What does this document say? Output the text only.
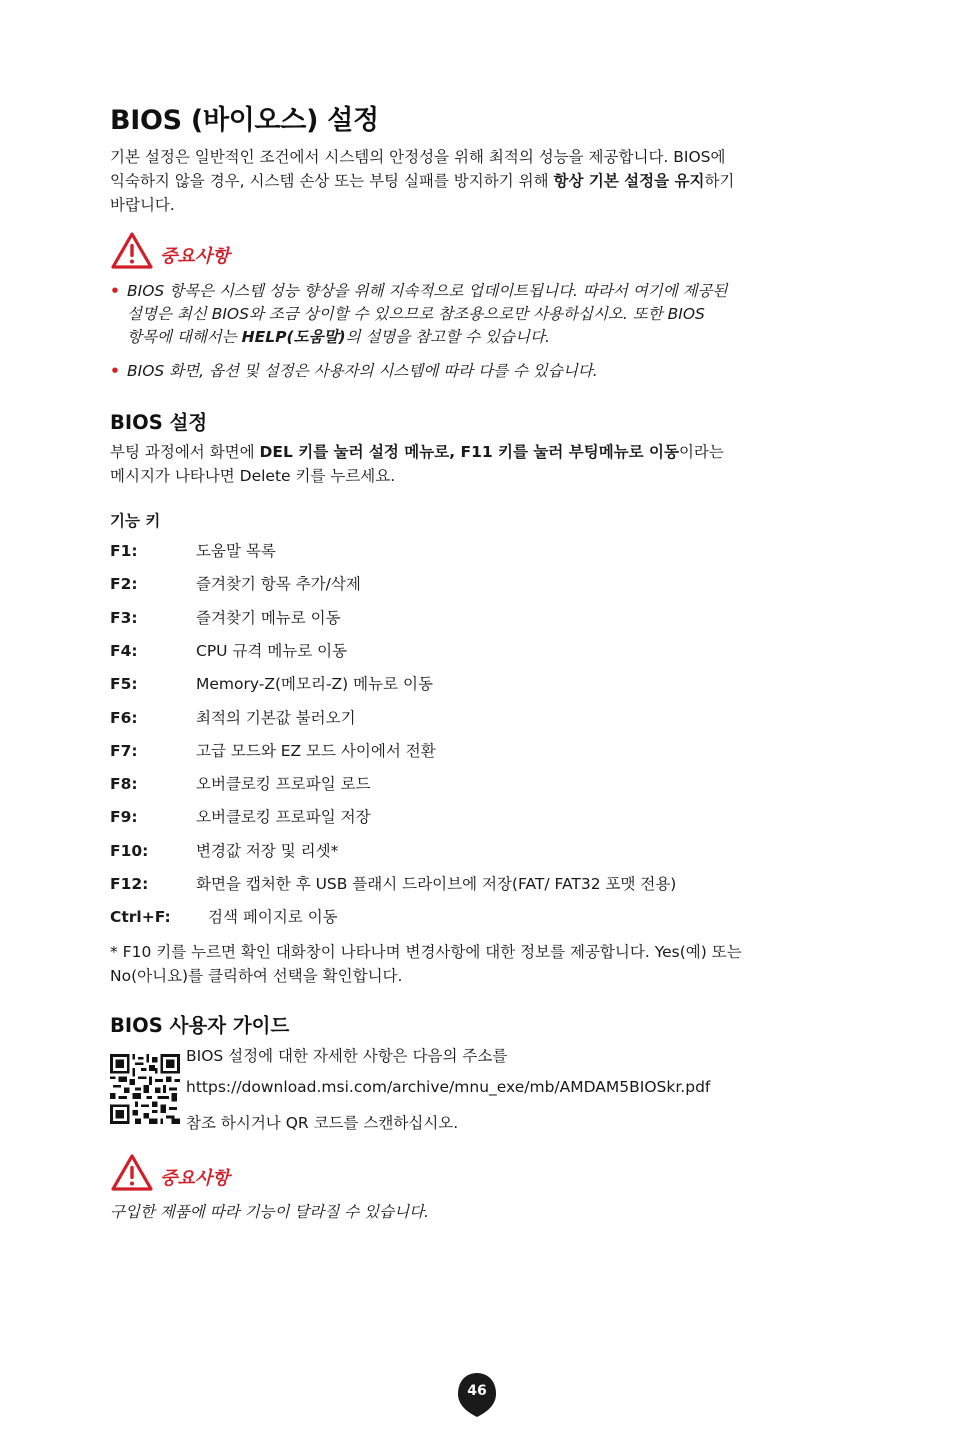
BIOS (바이오스) 설정

기본 설정은 일반적인 조건에서 시스템의 안정성을 위해 최적의 성능을 제공합니다. BIOS에
익숙하지 않을 경우, 시스템 손상 또는 부팅 실패를 방지하기 위해 항상 기본 설정을 유지하기
바랍니다.

중요사항
• BIOS 항목은 시스템 성능 향상을 위해 지속적으로 업데이트됩니다. 따라서 여기에 제공된
설명은 최신 BIOS와 조금 상이할 수 있으므로 참조용으로만 사용하십시오. 또한 BIOS
항목에 대해서는 HELP(도움말)의 설명을 참고할 수 있습니다.
• BIOS 화면, 옵션 및 설정은 사용자의 시스템에 따라 다를 수 있습니다.
BIOS 설정

부팅 과정에서 화면에 DEL 키를 눌러 설정 메뉴로, F11 키를 눌러 부팅메뉴로 이동이라는
메시지가 나타나면 Delete 키를 누르세요.

기능 키
F1:	도움말 목록
F2:	즐겨찾기 항목 추가/삭제
F3:	즐겨찾기 메뉴로 이동
F4:	CPU 규격 메뉴로 이동
F5:	Memory-Z(메모리-Z) 메뉴로 이동
F6:	최적의 기본값 불러오기
F7:	고급 모드와 EZ 모드 사이에서 전환
F8:	오버클로킹 프로파일 로드
F9:	오버클로킹 프로파일 저장
F10:	변경값 저장 및 리셋*
F12:	화면을 캡처한 후 USB 플래시 드라이브에 저장(FAT/ FAT32 포맷 전용)
Ctrl+F:	검색 페이지로 이동

* F10 키를 누르면 확인 대화창이 나타나며 변경사항에 대한 정보를 제공합니다. Yes(예) 또는
No(아니요)를 클릭하여 선택을 확인합니다.

BIOS 사용자 가이드
BIOS 설정에 대한 자세한 사항은 다음의 주소를
https://download.msi.com/archive/mnu_exe/mb/AMDAM5BIOSkr.pdf
참조 하시거나 QR 코드를 스캔하십시오.
중요사항
구입한 제품에 따라 기능이 달라질 수 있습니다.
46
